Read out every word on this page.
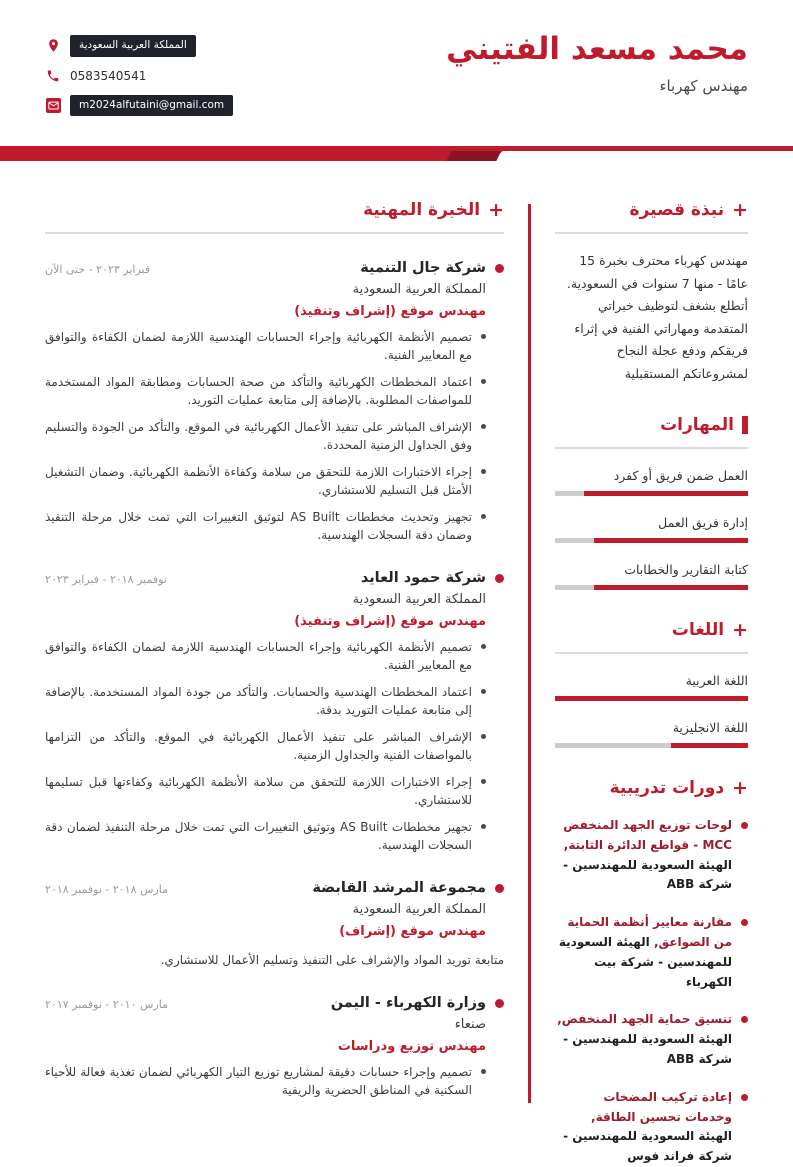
محمد مسعد الفتيني
مهندس كهرباء
المملكة العربية السعودية
0583540541
m2024alfutaini@gmail.com
+
نبذة قصيرة

مهندس كهرباء محترف بخبرة 15 عامًا - منها 7 سنوات في السعودية. أتطلع بشغف لتوظيف خبراتي المتقدمة ومهاراتي الفنية في إثراء فريقكم ودفع عجلة النجاح لمشروعاتكم المستقبلية

المهارات
العمل ضمن فريق أو كفرد
إدارة فريق العمل
كتابة التقارير والخطابات
+
اللغات
اللغة العربية
اللغة الانجليزية
+
دورات تدريبية
لوحات توزيع الجهد المنخفض MCC - قواطع الدائرة الثابتة, الهيئة السعودية للمهندسين - شركة ABB
مقارنة معايير أنظمة الحماية من الصواعق, الهيئة السعودية للمهندسين - شركة بيت الكهرباء
تنسيق حماية الجهد المنخفض, الهيئة السعودية للمهندسين - شركة ABB
إعادة تركيب المضخات وخدمات تحسين الطاقة, الهيئة السعودية للمهندسين - شركة فراند فوس
+
الخبرة المهنية
شركة جال التنمية
فبراير ٢٠٢٣ - حتى الآن
المملكة العربية السعودية
مهندس موقع (إشراف وتنفيذ)
تصميم الأنظمة الكهربائية وإجراء الحسابات الهندسية اللازمة لضمان الكفاءة والتوافق مع المعايير الفنية.
اعتماد المخططات الكهربائية والتأكد من صحة الحسابات ومطابقة المواد المستخدمة للمواصفات المطلوبة. بالإضافة إلى متابعة عمليات التوريد.
الإشراف المباشر على تنفيذ الأعمال الكهربائية في الموقع. والتأكد من الجودة والتسليم وفق الجداول الزمنية المحددة.
إجراء الاختبارات اللازمة للتحقق من سلامة وكفاءة الأنظمة الكهربائية. وضمان التشغيل الأمثل قبل التسليم للاستشاري.
تجهيز وتحديث مخططات AS Built لتوثيق التغييرات التي تمت خلال مرحلة التنفيذ وضمان دقة السجلات الهندسية.
شركة حمود العايد
نوفمبر ٢٠١٨ - فبراير ٢٠٢٣
المملكة العربية السعودية
مهندس موقع (إشراف وتنفيذ)
تصميم الأنظمة الكهربائية وإجراء الحسابات الهندسية اللازمة لضمان الكفاءة والتوافق مع المعايير الفنية.
اعتماد المخططات الهندسية والحسابات. والتأكد من جودة المواد المستخدمة. بالإضافة إلى متابعة عمليات التوريد بدقة.
الإشراف المباشر على تنفيذ الأعمال الكهربائية في الموقع. والتأكد من التزامها بالمواصفات الفنية والجداول الزمنية.
إجراء الاختبارات اللازمة للتحقق من سلامة الأنظمة الكهربائية وكفاءتها قبل تسليمها للاستشاري.
تجهيز مخططات AS Built وتوثيق التغييرات التي تمت خلال مرحلة التنفيذ لضمان دقة السجلات الهندسية.
مجموعة المرشد القابضة
مارس ٢٠١٨ - نوفمبر ٢٠١٨
المملكة العربية السعودية
مهندس موقع (إشراف)

متابعة توريد المواد والإشراف على التنفيذ وتسليم الأعمال للاستشاري.

وزارة الكهرباء - اليمن
مارس ٢٠١٠ - نوفمبر ٢٠١٧
صنعاء
مهندس توزيع ودراسات
تصميم وإجراء حسابات دقيقة لمشاريع توزيع التيار الكهربائي لضمان تغذية فعالة للأحياء السكنية في المناطق الحضرية والريفية
